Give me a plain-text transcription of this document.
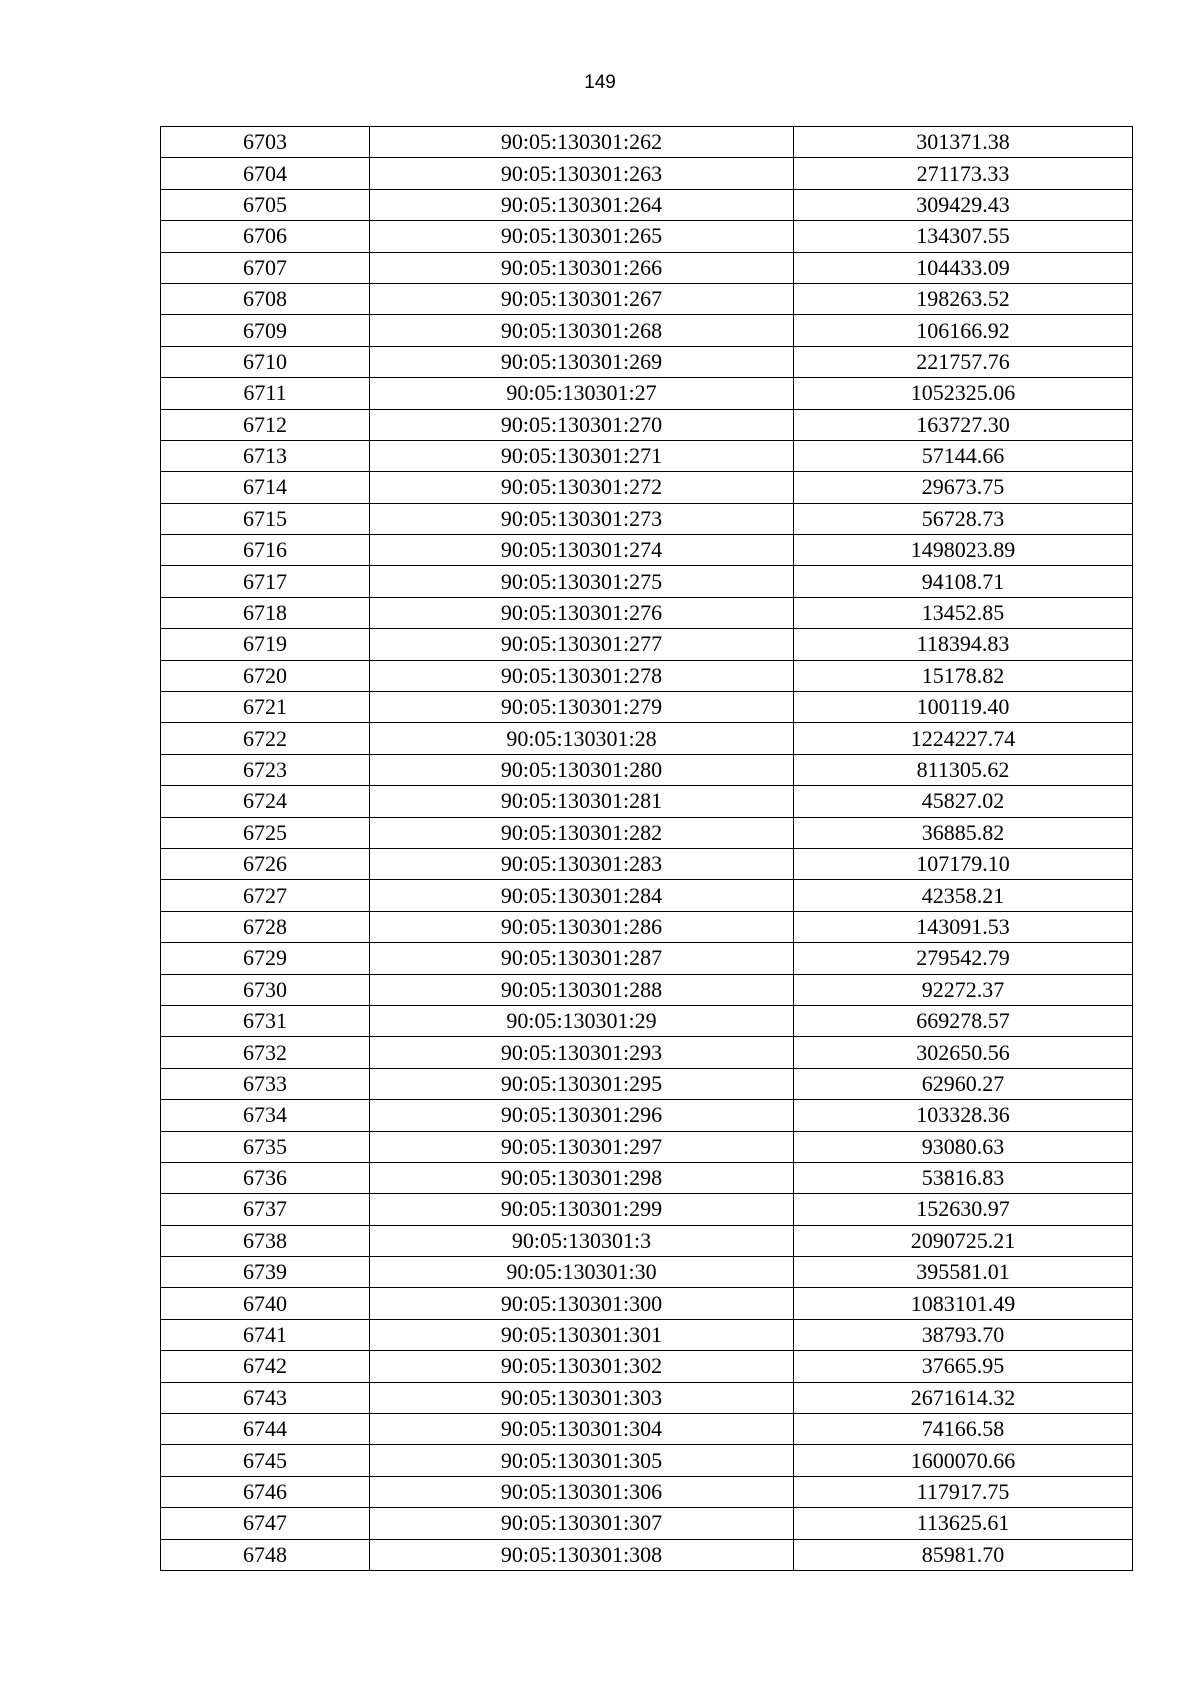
149
6703	90:05:130301:262	301371.38
6704	90:05:130301:263	271173.33
6705	90:05:130301:264	309429.43
6706	90:05:130301:265	134307.55
6707	90:05:130301:266	104433.09
6708	90:05:130301:267	198263.52
6709	90:05:130301:268	106166.92
6710	90:05:130301:269	221757.76
6711	90:05:130301:27	1052325.06
6712	90:05:130301:270	163727.30
6713	90:05:130301:271	57144.66
6714	90:05:130301:272	29673.75
6715	90:05:130301:273	56728.73
6716	90:05:130301:274	1498023.89
6717	90:05:130301:275	94108.71
6718	90:05:130301:276	13452.85
6719	90:05:130301:277	118394.83
6720	90:05:130301:278	15178.82
6721	90:05:130301:279	100119.40
6722	90:05:130301:28	1224227.74
6723	90:05:130301:280	811305.62
6724	90:05:130301:281	45827.02
6725	90:05:130301:282	36885.82
6726	90:05:130301:283	107179.10
6727	90:05:130301:284	42358.21
6728	90:05:130301:286	143091.53
6729	90:05:130301:287	279542.79
6730	90:05:130301:288	92272.37
6731	90:05:130301:29	669278.57
6732	90:05:130301:293	302650.56
6733	90:05:130301:295	62960.27
6734	90:05:130301:296	103328.36
6735	90:05:130301:297	93080.63
6736	90:05:130301:298	53816.83
6737	90:05:130301:299	152630.97
6738	90:05:130301:3	2090725.21
6739	90:05:130301:30	395581.01
6740	90:05:130301:300	1083101.49
6741	90:05:130301:301	38793.70
6742	90:05:130301:302	37665.95
6743	90:05:130301:303	2671614.32
6744	90:05:130301:304	74166.58
6745	90:05:130301:305	1600070.66
6746	90:05:130301:306	117917.75
6747	90:05:130301:307	113625.61
6748	90:05:130301:308	85981.70
